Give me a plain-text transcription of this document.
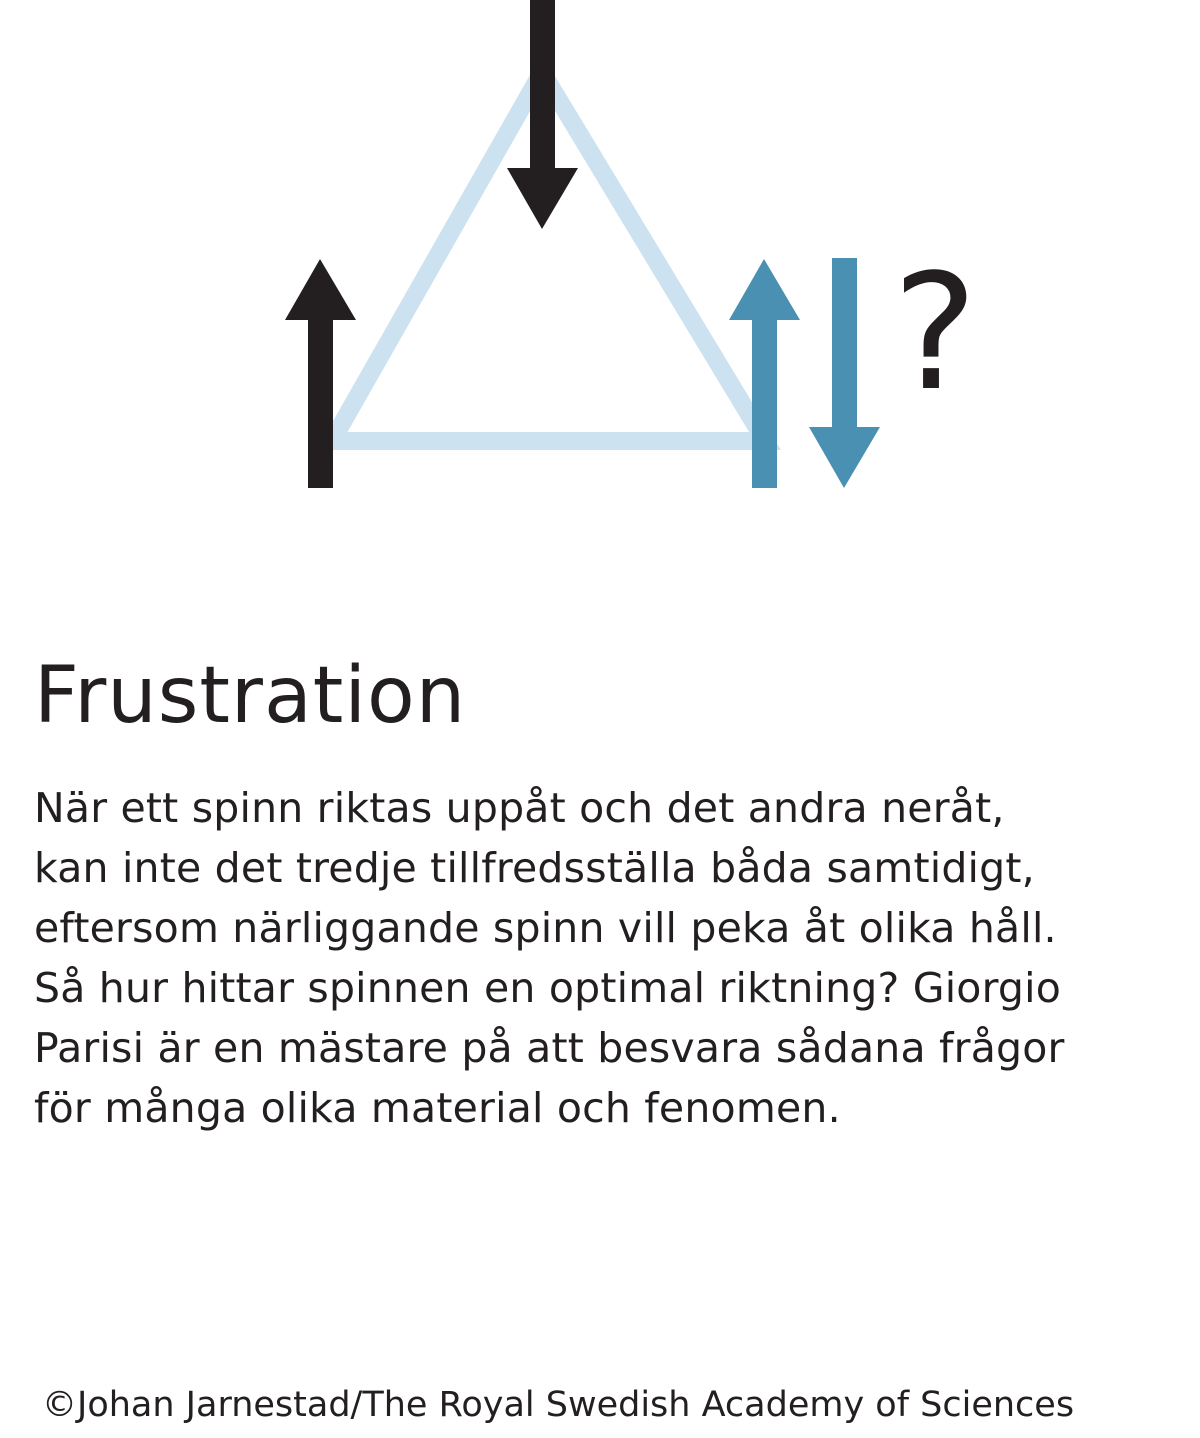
?
Frustration

När ett spinn riktas uppåt och det andra neråt,
kan inte det tredje tillfredsställa båda samtidigt,
eftersom närliggande spinn vill peka åt olika håll.
Så hur hittar spinnen en optimal riktning? Giorgio
Parisi är en mästare på att besvara sådana frågor
för många olika material och fenomen.

©Johan Jarnestad/The Royal Swedish Academy of Sciences
